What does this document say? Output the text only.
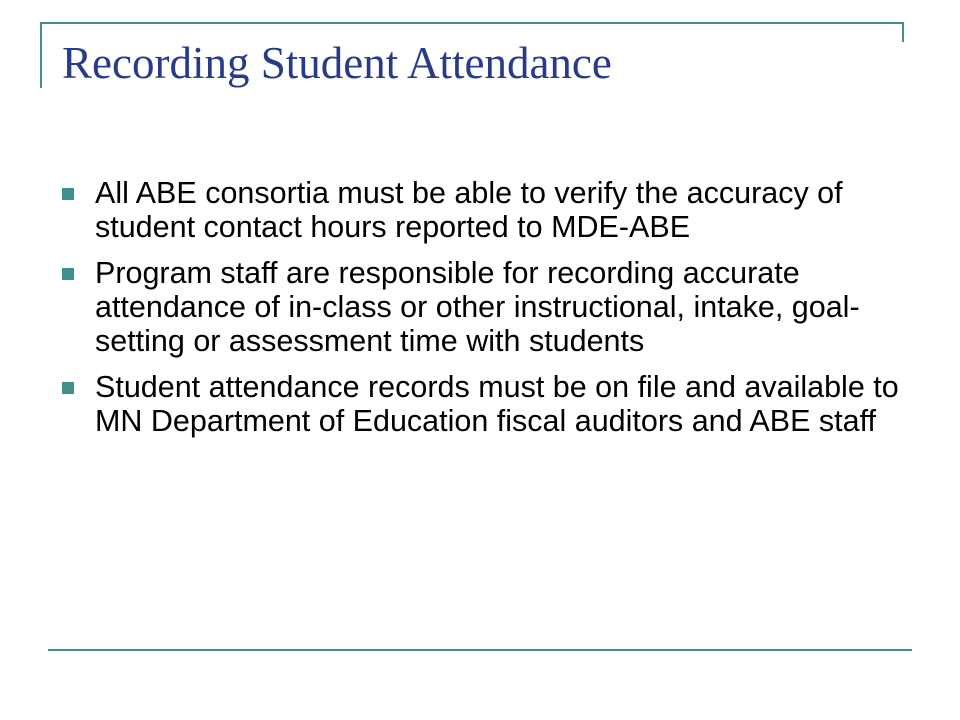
Recording Student Attendance
All ABE consortia must be able to verify the accuracy of student contact hours reported to MDE-ABE
Program staff are responsible for recording accurate attendance of in-class or other instructional, intake, goal-setting or assessment time with students
Student attendance records must be on file and available to MN Department of Education fiscal auditors and ABE staff
